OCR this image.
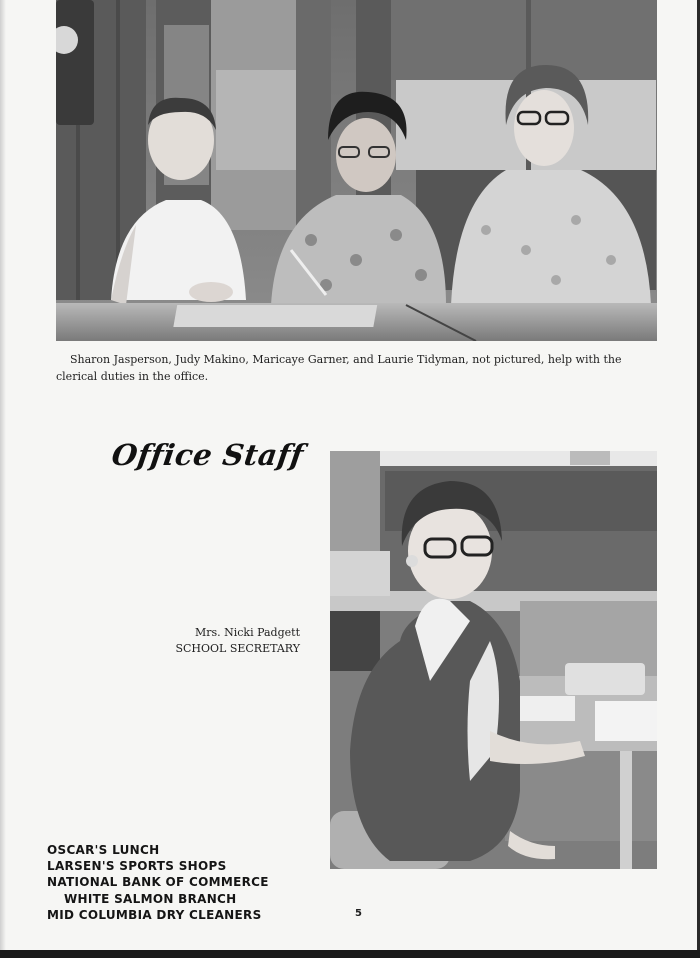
Sharon Jasperson, Judy Makino, Maricaye Garner, and Laurie Tidyman, not pictured, help with the clerical duties in the office.

Office Staff
Mrs. Nicki Padgett
SCHOOL SECRETARY
OSCAR'S LUNCH
LARSEN'S SPORTS SHOPS
NATIONAL BANK OF COMMERCE
WHITE SALMON BRANCH
MID COLUMBIA DRY CLEANERS	5
